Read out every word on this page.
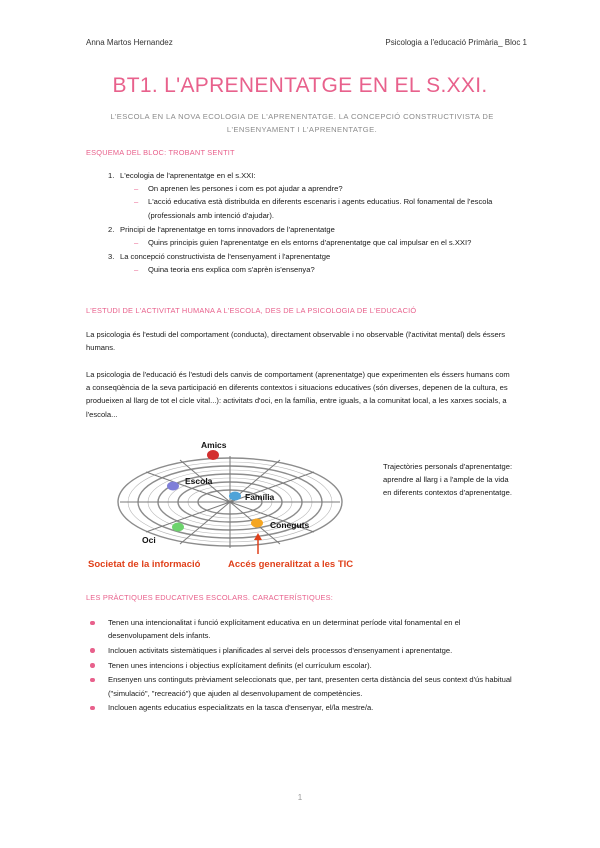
Anna Martos Hernandez	Psicologia a l'educació Primària_ Bloc 1
BT1. L'APRENENTATGE EN EL S.XXI.
L'ESCOLA EN LA NOVA ECOLOGIA DE L'APRENENTATGE. LA CONCEPCIÓ CONSTRUCTIVISTA DE L'ENSENYAMENT I L'APRENENTATGE.
ESQUEMA DEL BLOC: TROBANT SENTIT
1. L'ecologia de l'aprenentatge en el s.XXI:
– On aprenen les persones i com es pot ajudar a aprendre?
– L'acció educativa està distribuïda en diferents escenaris i agents educatius. Rol fonamental de l'escola (professionals amb intenció d'ajudar).
2. Principi de l'aprenentatge en torns innovadors de l'aprenentatge
– Quins principis guien l'aprenentatge en els entorns d'aprenentatge que cal impulsar en el s.XXI?
3. La concepció constructivista de l'ensenyament i l'aprenentatge
– Quina teoria ens explica com s'aprèn is'ensenya?
L'ESTUDI DE L'ACTIVITAT HUMANA A L'ESCOLA, DES DE LA PSICOLOGIA DE L'EDUCACIÓ
La psicologia és l'estudi del comportament (conducta), directament observable i no observable (l'activitat mental) dels éssers humans.
La psicologia de l'educació és l'estudi dels canvis de comportament (aprenentatge) que experimenten els éssers humans com a conseqüència de la seva participació en diferents contextos i situacions educatives (són diverses, depenen de la cultura, es produeixen al llarg de tot el cicle vital...): activitats d'oci, en la família, entre iguals, a la comunitat local, a les xarxes socials, a l'escola...
Amics
Escola
Família
Coneguts
Oci
Societat de la informació	Accés generalitzat a les TIC
Trajectòries personals d'aprenentatge: aprendre al llarg i a l'ample de la vida en diferents contextos d'aprenentatge.
LES PRÀCTIQUES EDUCATIVES ESCOLARS. CARACTERÍSTIQUES:
Tenen una intencionalitat i funció explícitament educativa en un determinat període vital fonamental en el desenvolupament dels infants.
Inclouen activitats sistemàtiques i planificades al servei dels processos d'ensenyament i aprenentatge.
Tenen unes intencions i objectius explícitament definits (el currículum escolar).
Ensenyen uns continguts prèviament seleccionats que, per tant, presenten certa distància del seus context d'ús habitual ("simulació", "recreació") que ajuden al desenvolupament de competències.
Inclouen agents educatius especialitzats en la tasca d'ensenyar, el/la mestre/a.
1
